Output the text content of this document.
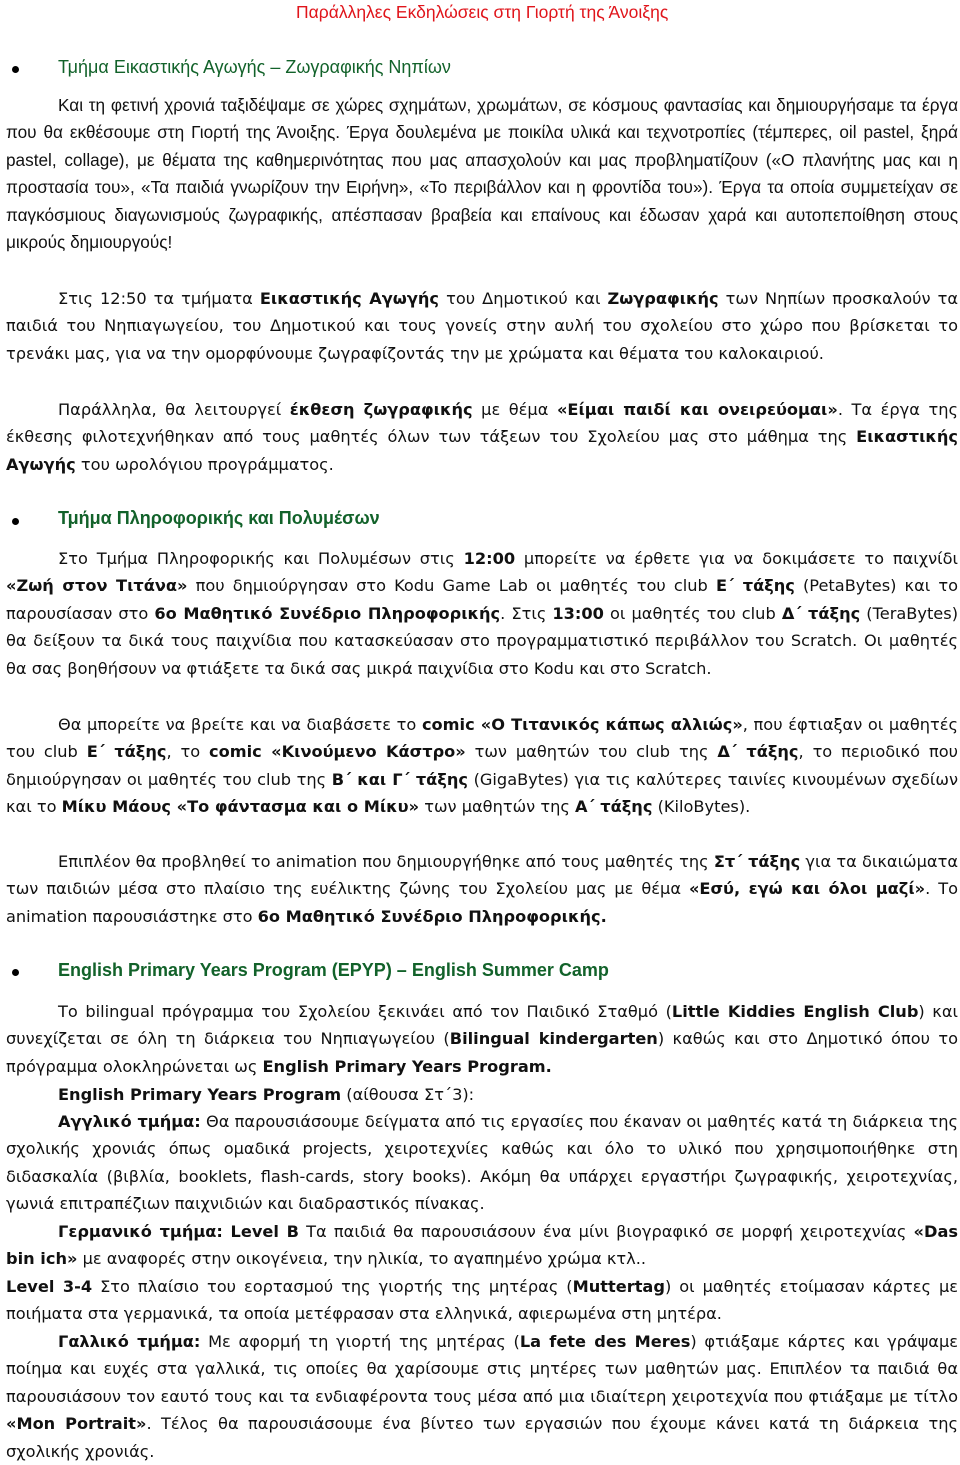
Παράλληλες Εκδηλώσεις στη Γιορτή της Άνοιξης
Τμήμα Εικαστικής Αγωγής – Ζωγραφικής Νηπίων

Και τη φετινή χρονιά ταξιδέψαμε σε χώρες σχημάτων, χρωμάτων, σε κόσμους φαντασίας και δημιουργήσαμε τα έργα που θα εκθέσουμε στη Γιορτή της Άνοιξης. Έργα δουλεμένα με ποικίλα υλικά και τεχνοτροπίες (τέμπερες, oil pastel, ξηρά pastel, collage), με θέματα της καθημερινότητας που μας απασχολούν και μας προβληματίζουν («Ο πλανήτης μας και η προστασία του», «Τα παιδιά γνωρίζουν την Ειρήνη», «Το περιβάλλον και η φροντίδα του»). Έργα τα οποία συμμετείχαν σε παγκόσμιους διαγωνισμούς ζωγραφικής, απέσπασαν βραβεία και επαίνους και έδωσαν χαρά και αυτοπεποίθηση στους μικρούς δημιουργούς!

Στις 12:50 τα τμήματα Εικαστικής Αγωγής του Δημοτικού και Ζωγραφικής των Νηπίων προσκαλούν τα παιδιά του Νηπιαγωγείου, του Δημοτικού και τους γονείς στην αυλή του σχολείου στο χώρο που βρίσκεται το τρενάκι μας, για να την ομορφύνουμε ζωγραφίζοντάς την με χρώματα και θέματα του καλοκαιριού.

Παράλληλα, θα λειτουργεί έκθεση ζωγραφικής με θέμα «Είμαι παιδί και ονειρεύομαι». Τα έργα της έκθεσης φιλοτεχνήθηκαν από τους μαθητές όλων των τάξεων του Σχολείου μας στο μάθημα της Εικαστικής Αγωγής του ωρολόγιου προγράμματος.

Τμήμα Πληροφορικής και Πολυμέσων

Στο Τμήμα Πληροφορικής και Πολυμέσων στις 12:00 μπορείτε να έρθετε για να δοκιμάσετε το παιχνίδι «Ζωή στον Τιτάνα» που δημιούργησαν στο Kodu Game Lab οι μαθητές του club Ε΄ τάξης (PetaBytes) και το παρουσίασαν στο 6ο Μαθητικό Συνέδριο Πληροφορικής. Στις 13:00 οι μαθητές του club Δ΄ τάξης (TeraBytes) θα δείξουν τα δικά τους παιχνίδια που κατασκεύασαν στο προγραμματιστικό περιβάλλον του Scratch. Οι μαθητές θα σας βοηθήσουν να φτιάξετε τα δικά σας μικρά παιχνίδια στο Kodu και στο Scratch.

Θα μπορείτε να βρείτε και να διαβάσετε το comic «Ο Τιτανικός κάπως αλλιώς», που έφτιαξαν οι μαθητές του club Ε΄ τάξης, το comic «Κινούμενο Κάστρο» των μαθητών του club της Δ΄ τάξης, το περιοδικό που δημιούργησαν οι μαθητές του club της Β΄ και Γ΄ τάξης (GigaBytes) για τις καλύτερες ταινίες κινουμένων σχεδίων και το Μίκυ Μάους «Το φάντασμα και ο Μίκυ» των μαθητών της Α΄ τάξης (KiloBytes).

Επιπλέον θα προβληθεί το animation που δημιουργήθηκε από τους μαθητές της Στ΄ τάξης για τα δικαιώματα των παιδιών μέσα στο πλαίσιο της ευέλικτης ζώνης του Σχολείου μας με θέμα «Εσύ, εγώ και όλοι μαζί». Το animation παρουσιάστηκε στο 6ο Μαθητικό Συνέδριο Πληροφορικής.

English Primary Years Program (EPYP) – English Summer Camp

Το bilingual πρόγραμμα του Σχολείου ξεκινάει από τον Παιδικό Σταθμό (Little Kiddies English Club) και συνεχίζεται σε όλη τη διάρκεια του Νηπιαγωγείου (Bilingual kindergarten) καθώς και στο Δημοτικό όπου το πρόγραμμα ολοκληρώνεται ως English Primary Years Program.

English Primary Years Program (αίθουσα Στ΄3):

Αγγλικό τμήμα: Θα παρουσιάσουμε δείγματα από τις εργασίες που έκαναν οι μαθητές κατά τη διάρκεια της σχολικής χρονιάς όπως ομαδικά projects, χειροτεχνίες καθώς και όλο το υλικό που χρησιμοποιήθηκε στη διδασκαλία (βιβλία, booklets, flash-cards, story books). Ακόμη θα υπάρχει εργαστήρι ζωγραφικής, χειροτεχνίας, γωνιά επιτραπέζιων παιχνιδιών και διαδραστικός πίνακας.

Γερμανικό τμήμα: Level B Τα παιδιά θα παρουσιάσουν ένα μίνι βιογραφικό σε μορφή χειροτεχνίας «Das bin ich» με αναφορές στην οικογένεια, την ηλικία, το αγαπημένο χρώμα κτλ..

Level 3-4 Στο πλαίσιο του εορτασμού της γιορτής της μητέρας (Muttertag) οι μαθητές ετοίμασαν κάρτες με ποιήματα στα γερμανικά, τα οποία μετέφρασαν στα ελληνικά, αφιερωμένα στη μητέρα.

Γαλλικό τμήμα: Με αφορμή τη γιορτή της μητέρας (La fete des Meres) φτιάξαμε κάρτες και γράψαμε ποίημα και ευχές στα γαλλικά, τις οποίες θα χαρίσουμε στις μητέρες των μαθητών μας. Επιπλέον τα παιδιά θα παρουσιάσουν τον εαυτό τους και τα ενδιαφέροντα τους μέσα από μια ιδιαίτερη χειροτεχνία που φτιάξαμε με τίτλο «Mon Portrait». Τέλος θα παρουσιάσουμε ένα βίντεο των εργασιών που έχουμε κάνει κατά τη διάρκεια της σχολικής χρονιάς.
